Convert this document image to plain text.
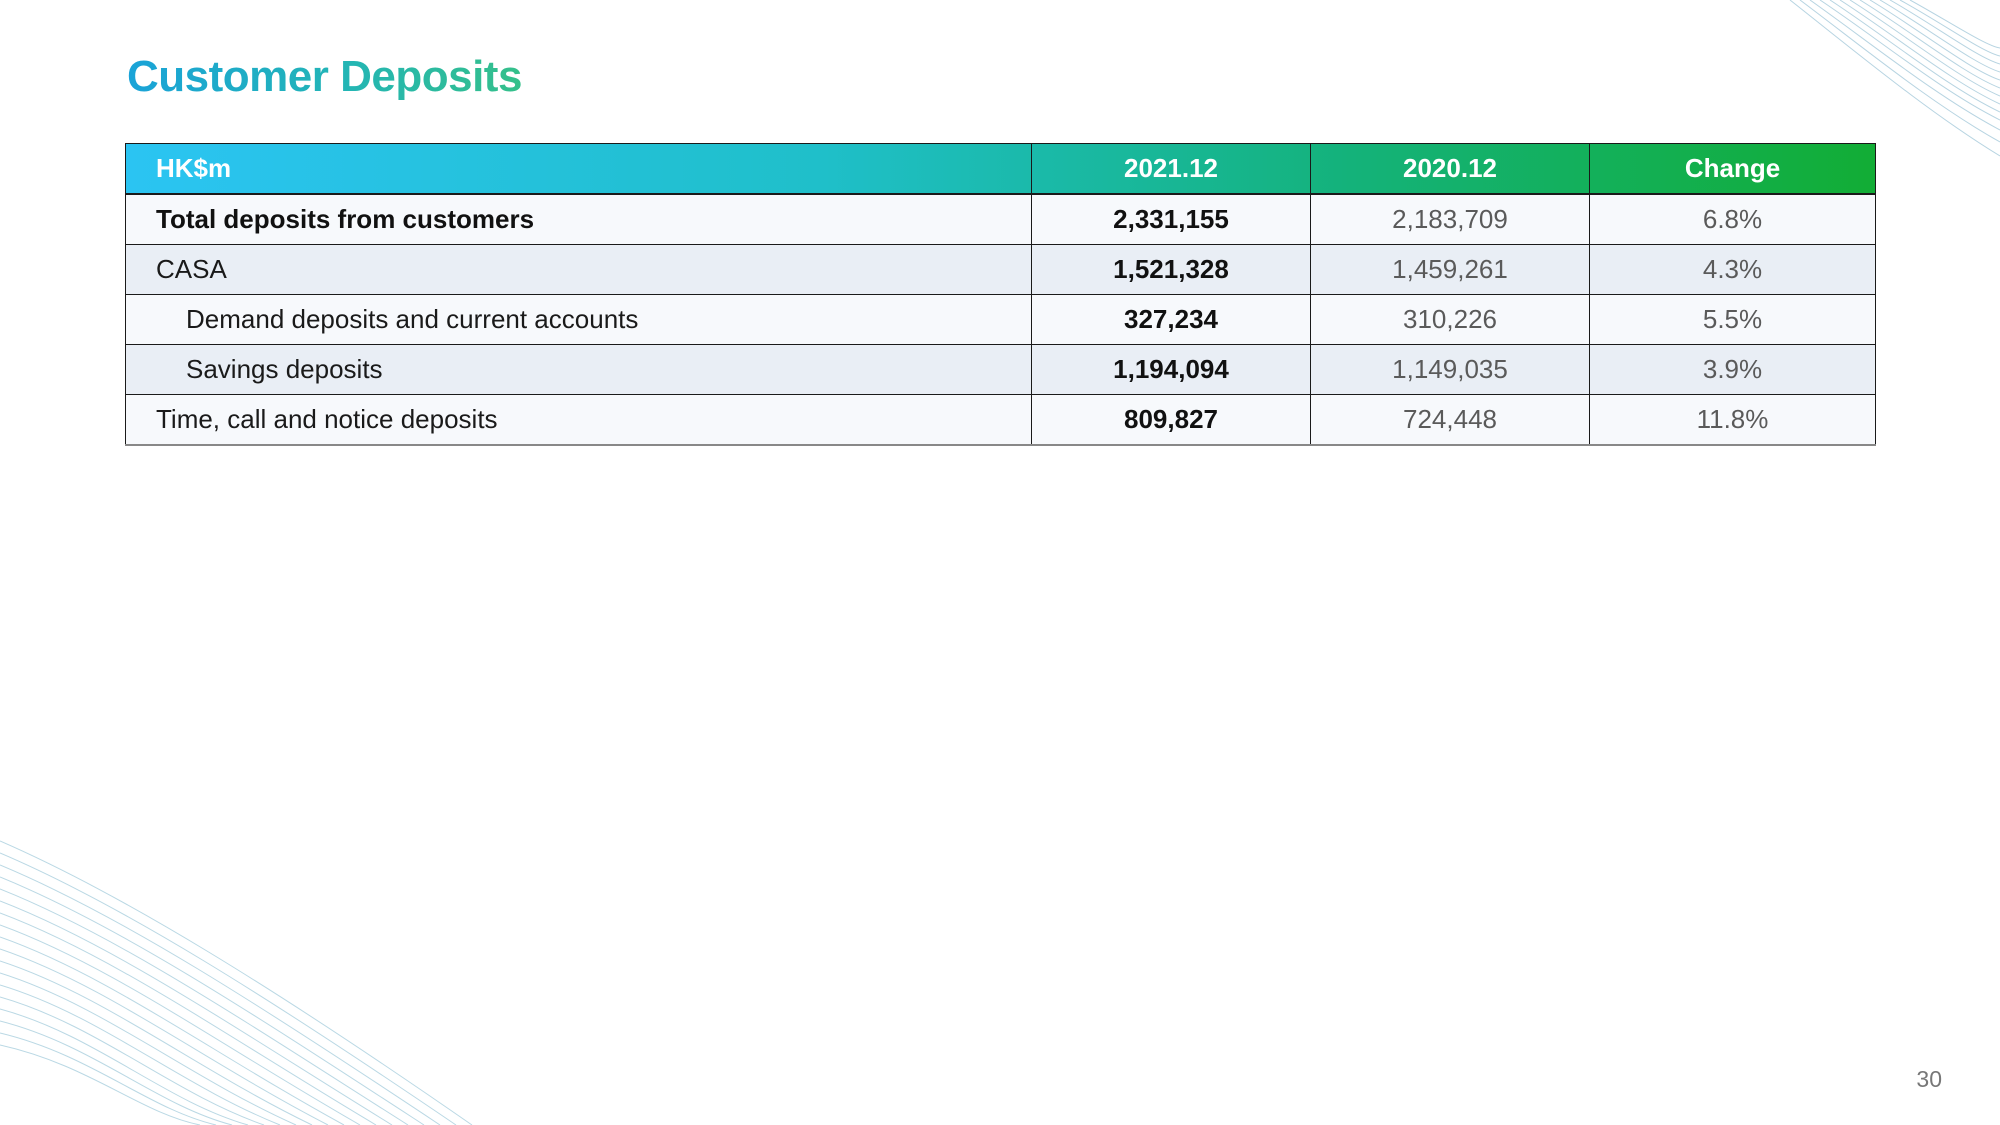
Customer Deposits
HK$m	2021.12	2020.12	Change
Total deposits from customers	2,331,155	2,183,709	6.8%
CASA	1,521,328	1,459,261	4.3%
Demand deposits and current accounts	327,234	310,226	5.5%
Savings deposits	1,194,094	1,149,035	3.9%
Time, call and notice deposits	809,827	724,448	11.8%
30
